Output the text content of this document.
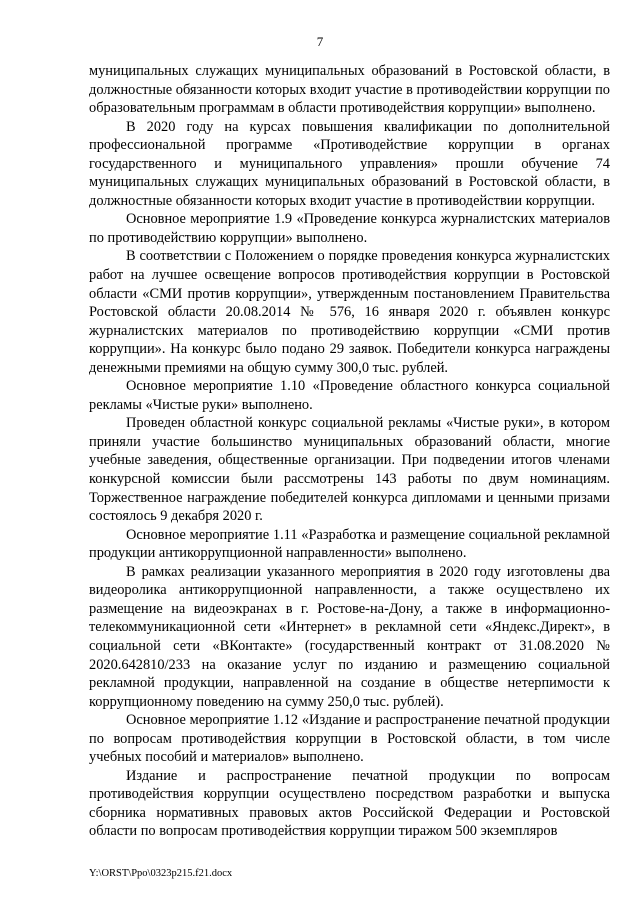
7

муниципальных служащих муниципальных образований в Ростовской области, в должностные обязанности которых входит участие в противодействии коррупции по образовательным программам в области противодействия коррупции» выполнено.

В 2020 году на курсах повышения квалификации по дополнительной профессиональной программе «Противодействие коррупции в органах государственного и муниципального управления» прошли обучение 74 муниципальных служащих муниципальных образований в Ростовской области, в должностные обязанности которых входит участие в противодействии коррупции.

Основное мероприятие 1.9 «Проведение конкурса журналистских материалов по противодействию коррупции» выполнено.

В соответствии с Положением о порядке проведения конкурса журналистских работ на лучшее освещение вопросов противодействия коррупции в Ростовской области «СМИ против коррупции», утвержденным постановлением Правительства Ростовской области 20.08.2014 № 576, 16 января 2020 г. объявлен конкурс журналистских материалов по противодействию коррупции «СМИ против коррупции». На конкурс было подано 29 заявок. Победители конкурса награждены денежными премиями на общую сумму 300,0 тыс. рублей.

Основное мероприятие 1.10 «Проведение областного конкурса социальной рекламы «Чистые руки» выполнено.

Проведен областной конкурс социальной рекламы «Чистые руки», в котором приняли участие большинство муниципальных образований области, многие учебные заведения, общественные организации. При подведении итогов членами конкурсной комиссии были рассмотрены 143 работы по двум номинациям. Торжественное награждение победителей конкурса дипломами и ценными призами состоялось 9 декабря 2020 г.

Основное мероприятие 1.11 «Разработка и размещение социальной рекламной продукции антикоррупционной направленности» выполнено.

В рамках реализации указанного мероприятия в 2020 году изготовлены два видеоролика антикоррупционной направленности, а также осуществлено их размещение на видеоэкранах в г. Ростове-на-Дону, а также в информационно-телекоммуникационной сети «Интернет» в рекламной сети «Яндекс.Директ», в социальной сети «ВКонтакте» (государственный контракт от 31.08.2020 № 2020.642810/233 на оказание услуг по изданию и размещению социальной рекламной продукции, направленной на создание в обществе нетерпимости к коррупционному поведению на сумму 250,0 тыс. рублей).

Основное мероприятие 1.12 «Издание и распространение печатной продукции по вопросам противодействия коррупции в Ростовской области, в том числе учебных пособий и материалов» выполнено.

Издание и распространение печатной продукции по вопросам противодействия коррупции осуществлено посредством разработки и выпуска сборника нормативных правовых актов Российской Федерации и Ростовской области по вопросам противодействия коррупции тиражом 500 экземпляров

Y:\ORST\Ppo\0323p215.f21.docx
